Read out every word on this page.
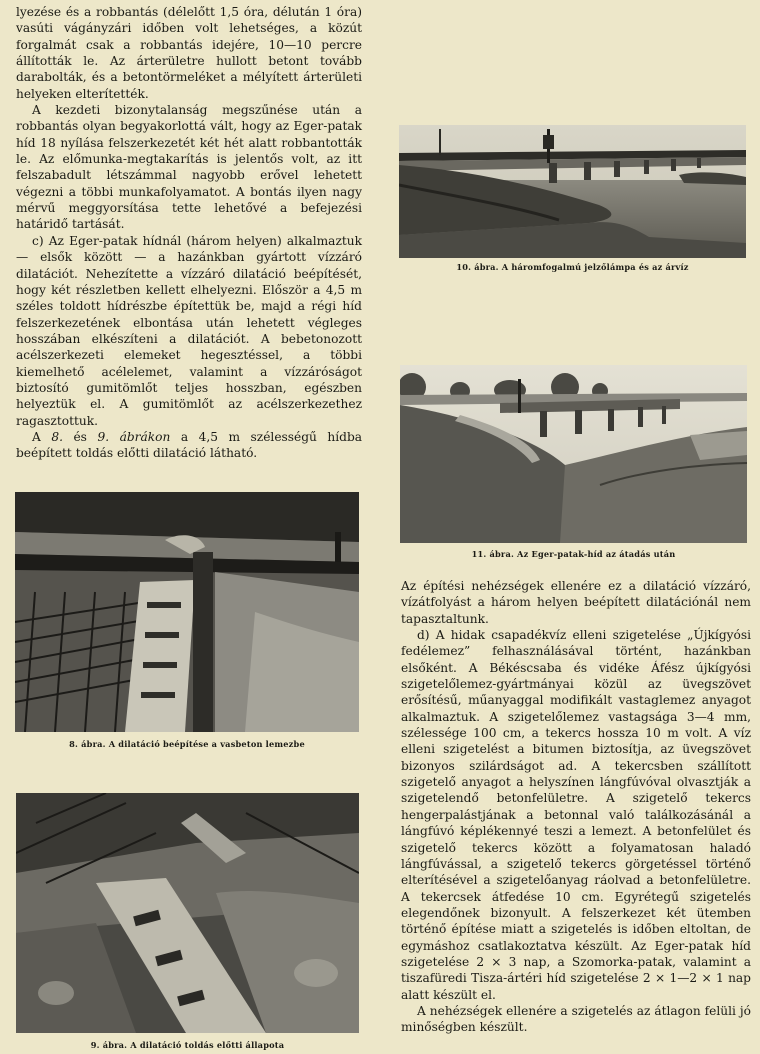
lyezése és a robbantás (délelőtt 1,5 óra, délután 1 óra) vasúti vágányzári időben volt lehetséges, a közút forgalmát csak a robbantás idejére, 10—10 percre állították le. Az árterületre hullott betont tovább darabolták, és a betontörmeléket a mélyített árterületi helyeken elterítették.

A kezdeti bizonytalanság megszűnése után a robbantás olyan begyakorlottá vált, hogy az Eger-patak híd 18 nyílása felszerkezetét két hét alatt robbantották le. Az előmunka-megtakarítás is jelentős volt, az itt felszabadult létszámmal nagyobb erővel lehetett végezni a többi munkafolyamatot. A bontás ilyen nagy mérvű meggyorsítása tette lehetővé a befejezési határidő tartását.

c) Az Eger-patak hídnál (három helyen) alkalmaztuk — elsők között — a hazánkban gyártott vízzáró dilatációt. Nehezítette a vízzáró dilatáció beépítését, hogy két részletben kellett elhelyezni. Először a 4,5 m széles toldott hídrészbe építettük be, majd a régi híd felszerkezetének elbontása után lehetett végleges hosszában elkészíteni a dilatációt. A bebetonozott acélszerkezeti elemeket hegesztéssel, a többi kiemelhető acélelemet, valamint a vízzáróságot biztosító gumitömlőt teljes hosszban, egészben helyeztük el. A gumitömlőt az acélszerkezethez ragasztottuk.

A 8. és 9. ábrákon a 4,5 m szélességű hídba beépített toldás előtti dilatáció látható.

10. ábra. A háromfogalmú jelzőlámpa és az árvíz
11. ábra. Az Eger-patak-híd az átadás után
8. ábra. A dilatáció beépítése a vasbeton lemezbe
9. ábra. A dilatáció toldás előtti állapota

Az építési nehézségek ellenére ez a dilatáció vízzáró, vízátfolyást a három helyen beépített dilatációnál nem tapasztaltunk.

d) A hidak csapadékvíz elleni szigetelése „Újkígyósi fedélemez” felhasználásával történt, hazánkban elsőként. A Békéscsaba és vidéke Áfész újkígyósi szigetelőlemez-gyártmányai közül az üvegszövet erősítésű, műanyaggal modifikált vastaglemez anyagot alkalmaztuk. A szigetelőlemez vastagsága 3—4 mm, szélessége 100 cm, a tekercs hossza 10 m volt. A víz elleni szigetelést a bitumen biztosítja, az üvegszövet bizonyos szilárdságot ad. A tekercsben szállított szigetelő anyagot a helyszínen lángfúvóval olvasztják a szigetelendő betonfelületre. A szigetelő tekercs hengerpalástjának a betonnal való találkozásánál a lángfúvó képlékennyé teszi a lemezt. A betonfelület és szigetelő tekercs között a folyamatosan haladó lángfúvással, a szigetelő tekercs görgetéssel történő elterítésével a szigetelőanyag ráolvad a betonfelületre. A tekercsek átfedése 10 cm. Egyrétegű szigetelés elegendőnek bizonyult. A felszerkezet két ütemben történő építése miatt a szigetelés is időben eltoltan, de egymáshoz csatlakoztatva készült. Az Eger-patak híd szigetelése 2 × 3 nap, a Szomorka-patak, valamint a tiszafüredi Tisza-ártéri híd szigetelése 2 × 1—2 × 1 nap alatt készült el.

A nehézségek ellenére a szigetelés az átlagon felüli jó minőségben készült.
